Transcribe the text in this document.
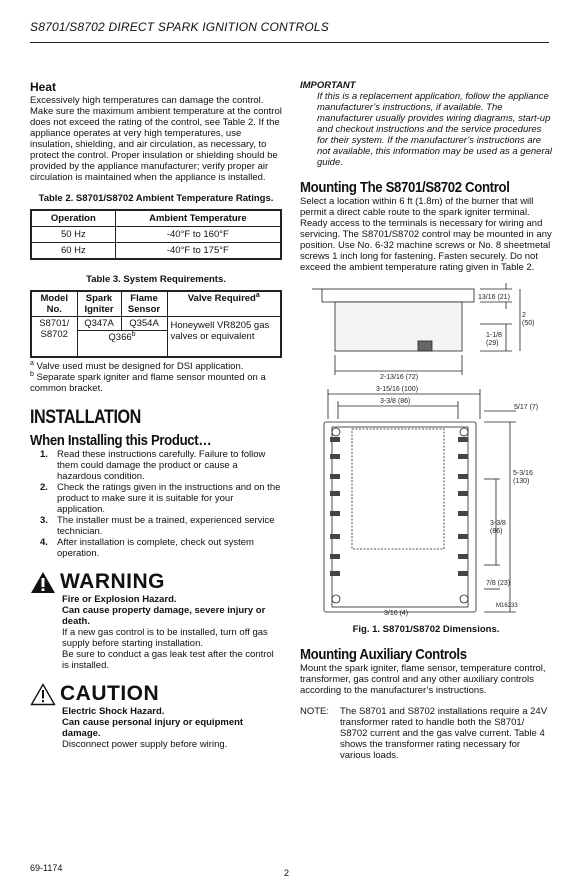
S8701/S8702 DIRECT SPARK IGNITION CONTROLS
Heat

Excessively high temperatures can damage the control. Make sure the maximum ambient temperature at the control does not exceed the rating of the control, see Table 2. If the appliance operates at very high temperatures, use insulation, shielding, and air circulation, as necessary, to protect the control. Proper insulation or shielding should be provided by the appliance manufacturer; verify proper air circulation is maintained when the appliance is installed.

Table 2. S8701/S8702 Ambient Temperature Ratings.
Operation	Ambient Temperature
50 Hz	-40°F to 160°F
60 Hz	-40°F to 175°F
Table 3. System Requirements.
Model No.	Spark Igniter	Flame Sensor	Valve Required$^a$
S8701/ S8702	Q347A	Q354A	Honeywell VR8205 gas valves or equivalent
	Q366$^b$
$^a$ Valve used must be designed for DSI application.
$^b$ Separate spark igniter and flame sensor mounted on a common bracket.
INSTALLATION
When Installing this Product…
1. Read these instructions carefully. Failure to follow them could damage the product or cause a hazardous condition.
2. Check the ratings given in the instructions and on the product to make sure it is suitable for your application.
3. The installer must be a trained, experienced service technician.
4. After installation is complete, check out system operation.
WARNING
Fire or Explosion Hazard.
Can cause property damage, severe injury or death.
If a new gas control is to be installed, turn off gas supply before starting installation.
Be sure to conduct a gas leak test after the control is installed.
CAUTION
Electric Shock Hazard.
Can cause personal injury or equipment damage.
Disconnect power supply before wiring.
IMPORTANT
If this is a replacement application, follow the appliance manufacturer’s instructions, if available. The manufacturer usually provides wiring diagrams, start-up and checkout instructions and the service procedures for their system. If the manufacturer’s instructions are not available, this information may be used as a general guide.
Mounting The S8701/S8702 Control

Select a location within 6 ft (1.8m) of the burner that will permit a direct cable route to the spark igniter terminal. Ready access to the terminals is necessary for wiring and servicing. The S8701/S8702 control may be mounted in any position. Use No. 6-32 machine screws or No. 8 sheetmetal screws 1 inch long for fastening. Fasten securely. Do not exceed the ambient temperature rating given in Table 2.

13/16 (21)
2
(50)
1-1/8
(29)
2-13/16 (72)
3-15/16 (100)
3-3/8 (86)
5/17 (7)
5-3/16
(130)
3-3/8
(86)
7/8 (23)
3/16 (4)
M16233
Fig. 1. S8701/S8702 Dimensions.
Mounting Auxiliary Controls

Mount the spark igniter, flame sensor, temperature control, transformer, gas control and any other auxiliary controls according to the manufacturer’s instructions.

NOTE:	The S8701 and S8702 installations require a 24V transformer rated to handle both the S8701/ S8702 current and the gas valve current. Table 4 shows the transformer rating necessary for various loads.
69-1174	2
